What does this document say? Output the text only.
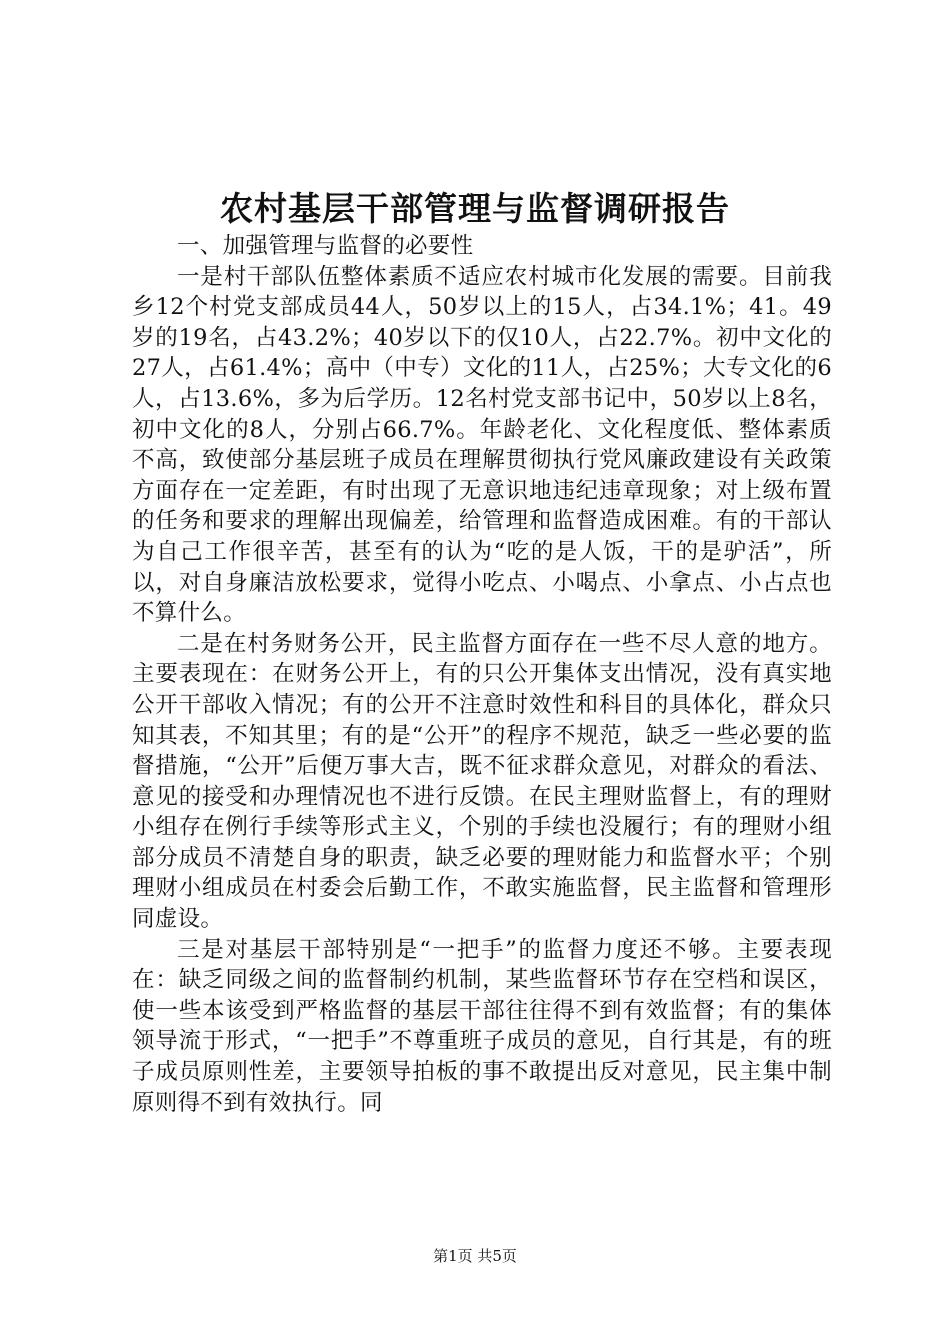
农村基层干部管理与监督调研报告

一、加强管理与监督的必要性

一是村干部队伍整体素质不适应农村城市化发展的需要。目前我乡12个村党支部成员44人，50岁以上的15人，占34.1%；41。49岁的19名，占43.2%；40岁以下的仅10人，占22.7%。初中文化的27人，占61.4%；高中（中专）文化的11人，占25%；大专文化的6人，占13.6%，多为后学历。12名村党支部书记中，50岁以上8名，初中文化的8人，分别占66.7%。年龄老化、文化程度低、整体素质不高，致使部分基层班子成员在理解贯彻执行党风廉政建设有关政策方面存在一定差距，有时出现了无意识地违纪违章现象；对上级布置的任务和要求的理解出现偏差，给管理和监督造成困难。有的干部认为自己工作很辛苦，甚至有的认为“吃的是人饭，干的是驴活”，所以，对自身廉洁放松要求，觉得小吃点、小喝点、小拿点、小占点也不算什么。

二是在村务财务公开，民主监督方面存在一些不尽人意的地方。主要表现在：在财务公开上，有的只公开集体支出情况，没有真实地公开干部收入情况；有的公开不注意时效性和科目的具体化，群众只知其表，不知其里；有的是“公开”的程序不规范，缺乏一些必要的监督措施，“公开”后便万事大吉，既不征求群众意见，对群众的看法、意见的接受和办理情况也不进行反馈。在民主理财监督上，有的理财小组存在例行手续等形式主义，个别的手续也没履行；有的理财小组部分成员不清楚自身的职责，缺乏必要的理财能力和监督水平；个别理财小组成员在村委会后勤工作，不敢实施监督，民主监督和管理形同虚设。

三是对基层干部特别是“一把手”的监督力度还不够。主要表现在：缺乏同级之间的监督制约机制，某些监督环节存在空档和误区，使一些本该受到严格监督的基层干部往往得不到有效监督；有的集体领导流于形式，“一把手”不尊重班子成员的意见，自行其是，有的班子成员原则性差，主要领导拍板的事不敢提出反对意见，民主集中制原则得不到有效执行。同

第1页 共5页
